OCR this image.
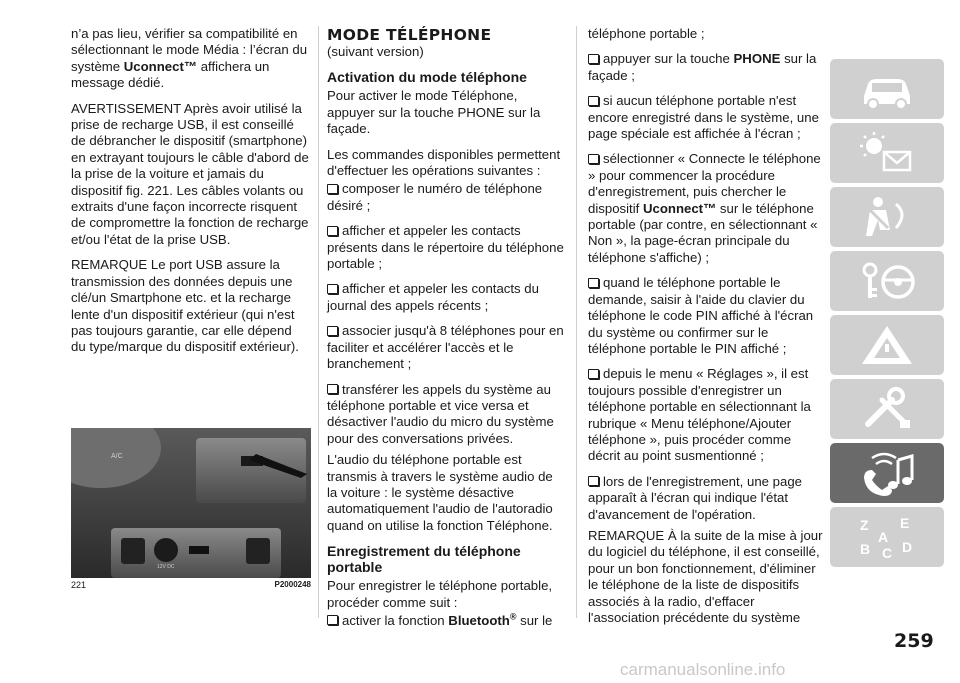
n’a pas lieu, vérifier sa compatibilité en sélectionnant le mode Média : l’écran du système Uconnect™ affichera un message dédié.

AVERTISSEMENT Après avoir utilisé la prise de recharge USB, il est conseillé de débrancher le dispositif (smartphone) en extrayant toujours le câble d'abord de la prise de la voiture et jamais du dispositif fig. 221. Les câbles volants ou extraits d'une façon incorrecte risquent de compromettre la fonction de recharge et/ou l'état de la prise USB.

REMARQUE Le port USB assure la transmission des données depuis une clé/un Smartphone etc. et la recharge lente d'un dispositif extérieur (qui n'est pas toujours garantie, car elle dépend du type/marque du dispositif extérieur).

A/C
12V DC
221	P2000248
MODE TÉLÉPHONE

(suivant version)

Activation du mode téléphone

Pour activer le mode Téléphone, appuyer sur la touche PHONE sur la façade.

Les commandes disponibles permettent d'effectuer les opérations suivantes :

composer le numéro de téléphone désiré ;

afficher et appeler les contacts présents dans le répertoire du téléphone portable ;

afficher et appeler les contacts du journal des appels récents ;

associer jusqu'à 8 téléphones pour en faciliter et accélérer l'accès et le branchement ;

transférer les appels du système au téléphone portable et vice versa et désactiver l'audio du micro du système pour des conversations privées.

L'audio du téléphone portable est transmis à travers le système audio de la voiture : le système désactive automatiquement l'audio de l'autoradio quand on utilise la fonction Téléphone.

Enregistrement du téléphone portable

Pour enregistrer le téléphone portable, procéder comme suit :

activer la fonction Bluetooth® sur le

téléphone portable ;

appuyer sur la touche PHONE sur la façade ;

si aucun téléphone portable n'est encore enregistré dans le système, une page spéciale est affichée à l'écran ;

sélectionner « Connecte le téléphone » pour commencer la procédure d'enregistrement, puis chercher le dispositif Uconnect™ sur le téléphone portable (par contre, en sélectionnant « Non », la page-écran principale du téléphone s'affiche) ;

quand le téléphone portable le demande, saisir à l'aide du clavier du téléphone le code PIN affiché à l'écran du système ou confirmer sur le téléphone portable le PIN affiché ;

depuis le menu « Réglages », il est toujours possible d'enregistrer un téléphone portable en sélectionnant la rubrique « Menu téléphone/Ajouter téléphone », puis procéder comme décrit au point susmentionné ;

lors de l'enregistrement, une page apparaît à l'écran qui indique l'état d'avancement de l'opération.

REMARQUE À la suite de la mise à jour du logiciel du téléphone, il est conseillé, pour un bon fonctionnement, d'éliminer le téléphone de la liste de dispositifs associés à la radio, d'effacer l'association précédente du système

Z E
A
B C D
259
carmanualsonline.info
